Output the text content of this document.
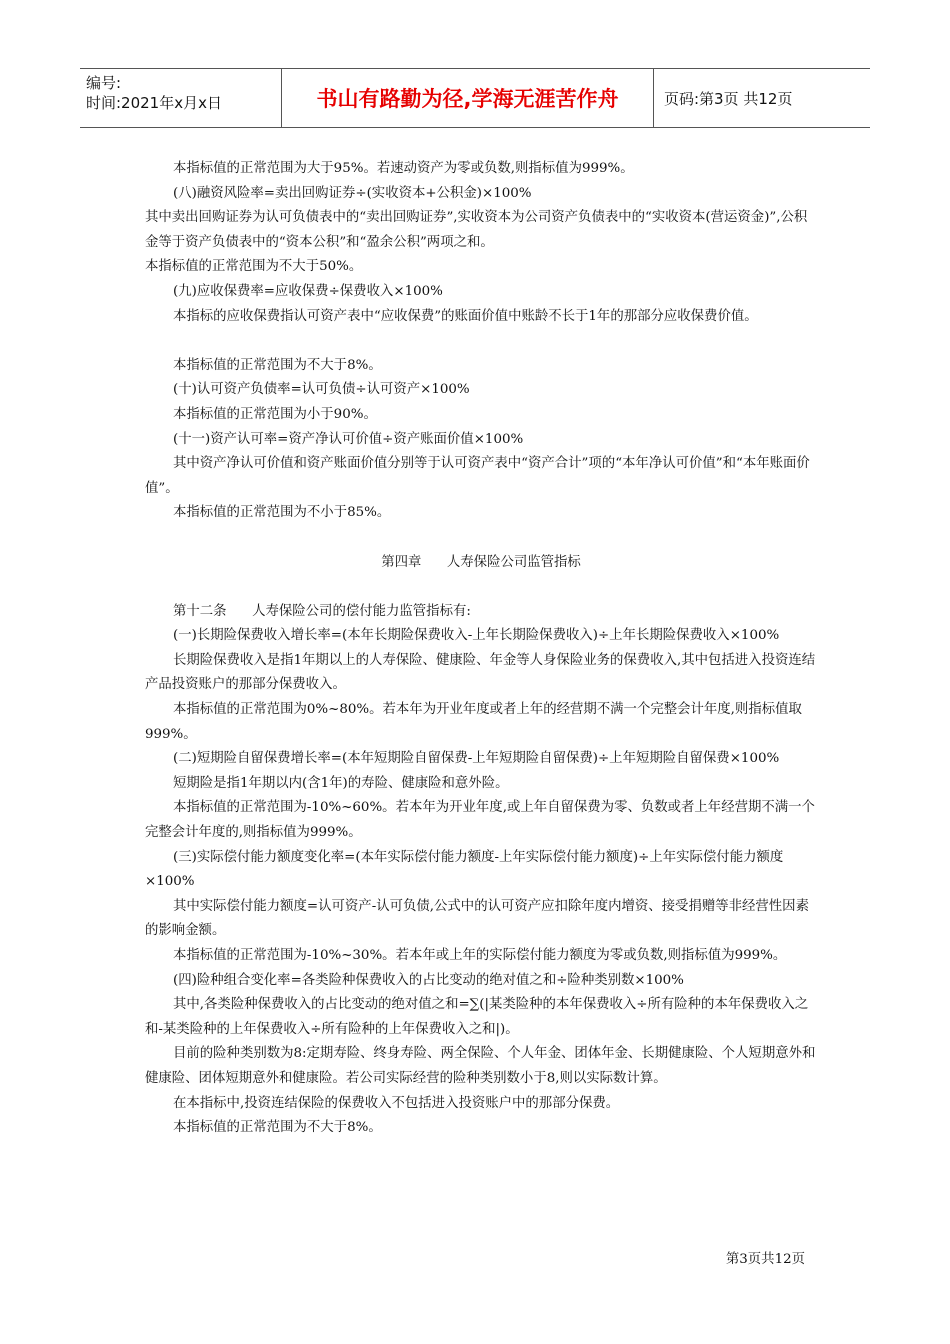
编号:
时间:2021年x月x日	书山有路勤为径,学海无涯苦作舟	页码:第3页 共12页

本指标值的正常范围为大于95%。若速动资产为零或负数,则指标值为999%。

(八)融资风险率=卖出回购证券÷(实收资本+公积金)×100%

其中卖出回购证券为认可负债表中的“卖出回购证券”,实收资本为公司资产负债表中的“实收资本(营运资金)”,公积金等于资产负债表中的“资本公积”和“盈余公积”两项之和。

本指标值的正常范围为不大于50%。

(九)应收保费率=应收保费÷保费收入×100%

本指标的应收保费指认可资产表中“应收保费”的账面价值中账龄不长于1年的那部分应收保费价值。

本指标值的正常范围为不大于8%。

(十)认可资产负债率=认可负债÷认可资产×100%

本指标值的正常范围为小于90%。

(十一)资产认可率=资产净认可价值÷资产账面价值×100%

其中资产净认可价值和资产账面价值分别等于认可资产表中“资产合计”项的“本年净认可价值”和“本年账面价值”。

本指标值的正常范围为不小于85%。

第四章      人寿保险公司监管指标

第十二条      人寿保险公司的偿付能力监管指标有:

(一)长期险保费收入增长率=(本年长期险保费收入-上年长期险保费收入)÷上年长期险保费收入×100%

长期险保费收入是指1年期以上的人寿保险、健康险、年金等人身保险业务的保费收入,其中包括进入投资连结产品投资账户的那部分保费收入。

本指标值的正常范围为0%~80%。若本年为开业年度或者上年的经营期不满一个完整会计年度,则指标值取999%。

(二)短期险自留保费增长率=(本年短期险自留保费-上年短期险自留保费)÷上年短期险自留保费×100%

短期险是指1年期以内(含1年)的寿险、健康险和意外险。

本指标值的正常范围为-10%~60%。若本年为开业年度,或上年自留保费为零、负数或者上年经营期不满一个完整会计年度的,则指标值为999%。

(三)实际偿付能力额度变化率=(本年实际偿付能力额度-上年实际偿付能力额度)÷上年实际偿付能力额度×100%

其中实际偿付能力额度=认可资产-认可负债,公式中的认可资产应扣除年度内增资、接受捐赠等非经营性因素的影响金额。

本指标值的正常范围为-10%~30%。若本年或上年的实际偿付能力额度为零或负数,则指标值为999%。

(四)险种组合变化率=各类险种保费收入的占比变动的绝对值之和÷险种类别数×100%

其中,各类险种保费收入的占比变动的绝对值之和=∑(|某类险种的本年保费收入÷所有险种的本年保费收入之和-某类险种的上年保费收入÷所有险种的上年保费收入之和|)。

目前的险种类别数为8:定期寿险、终身寿险、两全保险、个人年金、团体年金、长期健康险、个人短期意外和健康险、团体短期意外和健康险。若公司实际经营的险种类别数小于8,则以实际数计算。

在本指标中,投资连结保险的保费收入不包括进入投资账户中的那部分保费。

本指标值的正常范围为不大于8%。

第3页共12页
